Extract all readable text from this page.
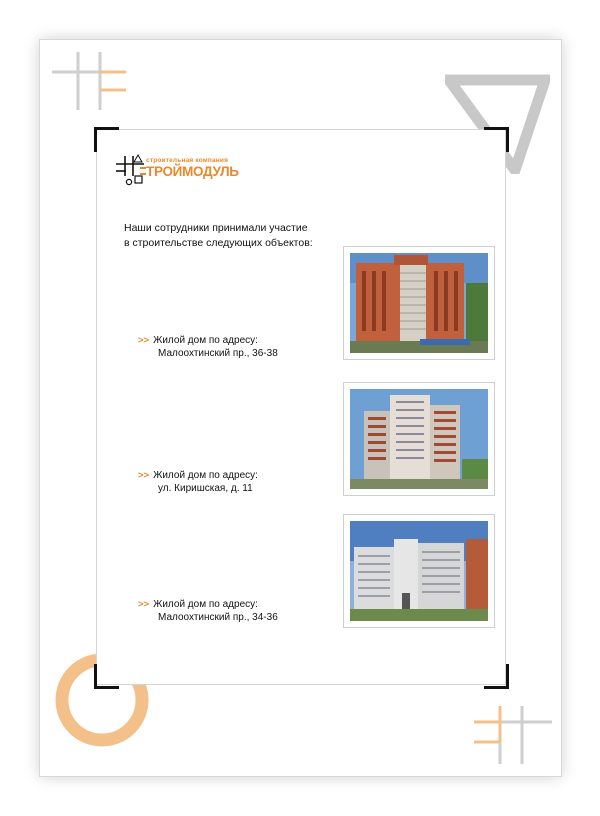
строительная компания
ТРОЙМОДУЛЬ
Наши сотрудники принимали участие
в строительстве следующих объектов:
>> Жилой дом по адресу:
Малоохтинский пр., 36-38
>> Жилой дом по адресу:
ул. Киришская, д. 11
>> Жилой дом по адресу:
Малоохтинский пр., 34-36
